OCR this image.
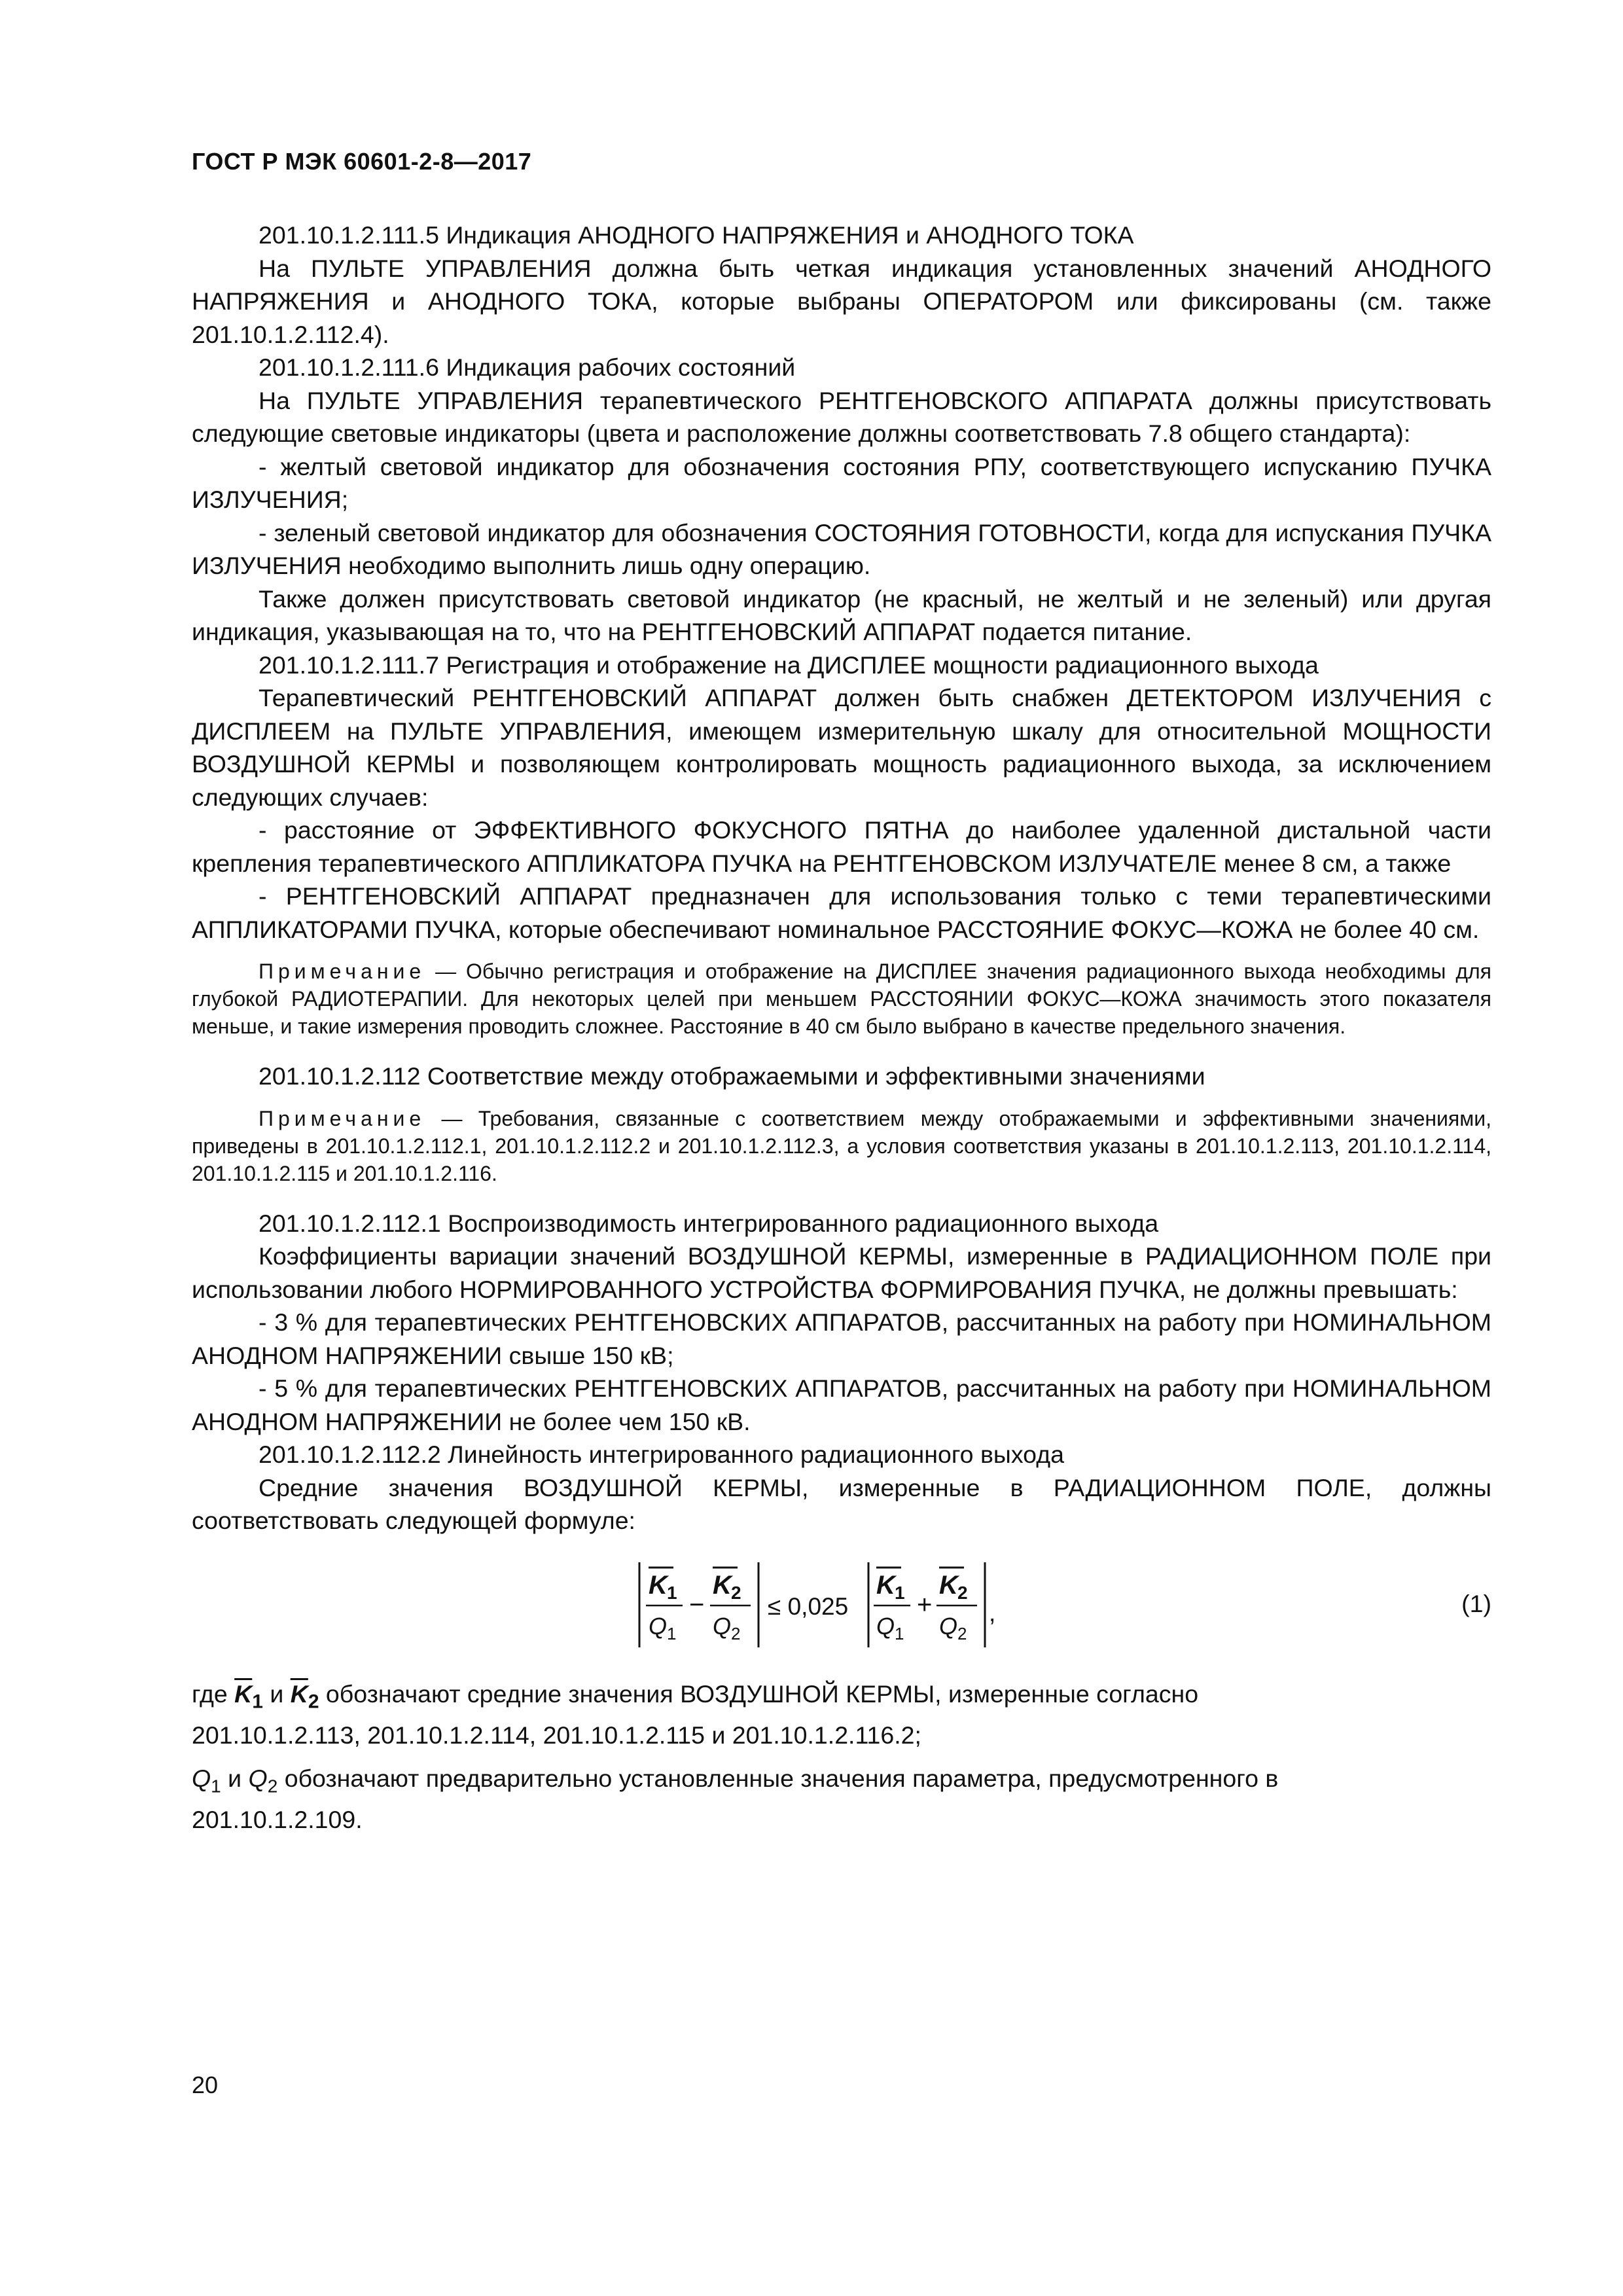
ГОСТ Р МЭК 60601-2-8—2017

201.10.1.2.111.5 Индикация АНОДНОГО НАПРЯЖЕНИЯ и АНОДНОГО ТОКА

На ПУЛЬТЕ УПРАВЛЕНИЯ должна быть четкая индикация установленных значений АНОДНОГО НАПРЯЖЕНИЯ и АНОДНОГО ТОКА, которые выбраны ОПЕРАТОРОМ или фиксированы (см. также 201.10.1.2.112.4).

201.10.1.2.111.6 Индикация рабочих состояний

На ПУЛЬТЕ УПРАВЛЕНИЯ терапевтического РЕНТГЕНОВСКОГО АППАРАТА должны присутствовать следующие световые индикаторы (цвета и расположение должны соответствовать 7.8 общего стандарта):

- желтый световой индикатор для обозначения состояния РПУ, соответствующего испусканию ПУЧКА ИЗЛУЧЕНИЯ;

- зеленый световой индикатор для обозначения СОСТОЯНИЯ ГОТОВНОСТИ, когда для испускания ПУЧКА ИЗЛУЧЕНИЯ необходимо выполнить лишь одну операцию.

Также должен присутствовать световой индикатор (не красный, не желтый и не зеленый) или другая индикация, указывающая на то, что на РЕНТГЕНОВСКИЙ АППАРАТ подается питание.

201.10.1.2.111.7 Регистрация и отображение на ДИСПЛЕЕ мощности радиационного выхода

Терапевтический РЕНТГЕНОВСКИЙ АППАРАТ должен быть снабжен ДЕТЕКТОРОМ ИЗЛУЧЕНИЯ с ДИСПЛЕЕМ на ПУЛЬТЕ УПРАВЛЕНИЯ, имеющем измерительную шкалу для относительной МОЩНОСТИ ВОЗДУШНОЙ КЕРМЫ и позволяющем контролировать мощность радиационного выхода, за исключением следующих случаев:

- расстояние от ЭФФЕКТИВНОГО ФОКУСНОГО ПЯТНА до наиболее удаленной дистальной части крепления терапевтического АППЛИКАТОРА ПУЧКА на РЕНТГЕНОВСКОМ ИЗЛУЧАТЕЛЕ менее 8 см, а также

- РЕНТГЕНОВСКИЙ АППАРАТ предназначен для использования только с теми терапевтическими АППЛИКАТОРАМИ ПУЧКА, которые обеспечивают номинальное РАССТОЯНИЕ ФОКУС—КОЖА не более 40 см.

Примечание — Обычно регистрация и отображение на ДИСПЛЕЕ значения радиационного выхода необходимы для глубокой РАДИОТЕРАПИИ. Для некоторых целей при меньшем РАССТОЯНИИ ФОКУС—КОЖА значимость этого показателя меньше, и такие измерения проводить сложнее. Расстояние в 40 см было выбрано в качестве предельного значения.

201.10.1.2.112 Соответствие между отображаемыми и эффективными значениями

Примечание — Требования, связанные с соответствием между отображаемыми и эффективными значениями, приведены в 201.10.1.2.112.1, 201.10.1.2.112.2 и 201.10.1.2.112.3, а условия соответствия указаны в 201.10.1.2.113, 201.10.1.2.114, 201.10.1.2.115 и 201.10.1.2.116.

201.10.1.2.112.1 Воспроизводимость интегрированного радиационного выхода

Коэффициенты вариации значений ВОЗДУШНОЙ КЕРМЫ, измеренные в РАДИАЦИОННОМ ПОЛЕ при использовании любого НОРМИРОВАННОГО УСТРОЙСТВА ФОРМИРОВАНИЯ ПУЧКА, не должны превышать:

- 3 % для терапевтических РЕНТГЕНОВСКИХ АППАРАТОВ, рассчитанных на работу при НОМИНАЛЬНОМ АНОДНОМ НАПРЯЖЕНИИ свыше 150 кВ;

- 5 % для терапевтических РЕНТГЕНОВСКИХ АППАРАТОВ, рассчитанных на работу при НОМИНАЛЬНОМ АНОДНОМ НАПРЯЖЕНИИ не более чем 150 кВ.

201.10.1.2.112.2 Линейность интегрированного радиационного выхода

Средние значения ВОЗДУШНОЙ КЕРМЫ, измеренные в РАДИАЦИОННОМ ПОЛЕ, должны соответствовать следующей формуле:

K 1
Q 1
−
K 2
Q 2
≤ 0,025
K 1
Q 1
+
K 2
Q 2
,	(1)

где $\overline{K}_1$ и $\overline{K}_2$ обозначают средние значения ВОЗДУШНОЙ КЕРМЫ, измеренные согласно

201.10.1.2.113, 201.10.1.2.114, 201.10.1.2.115 и 201.10.1.2.116.2;

$Q_1$ и $Q_2$ обозначают предварительно установленные значения параметра, предусмотренного в

201.10.1.2.109.

20
